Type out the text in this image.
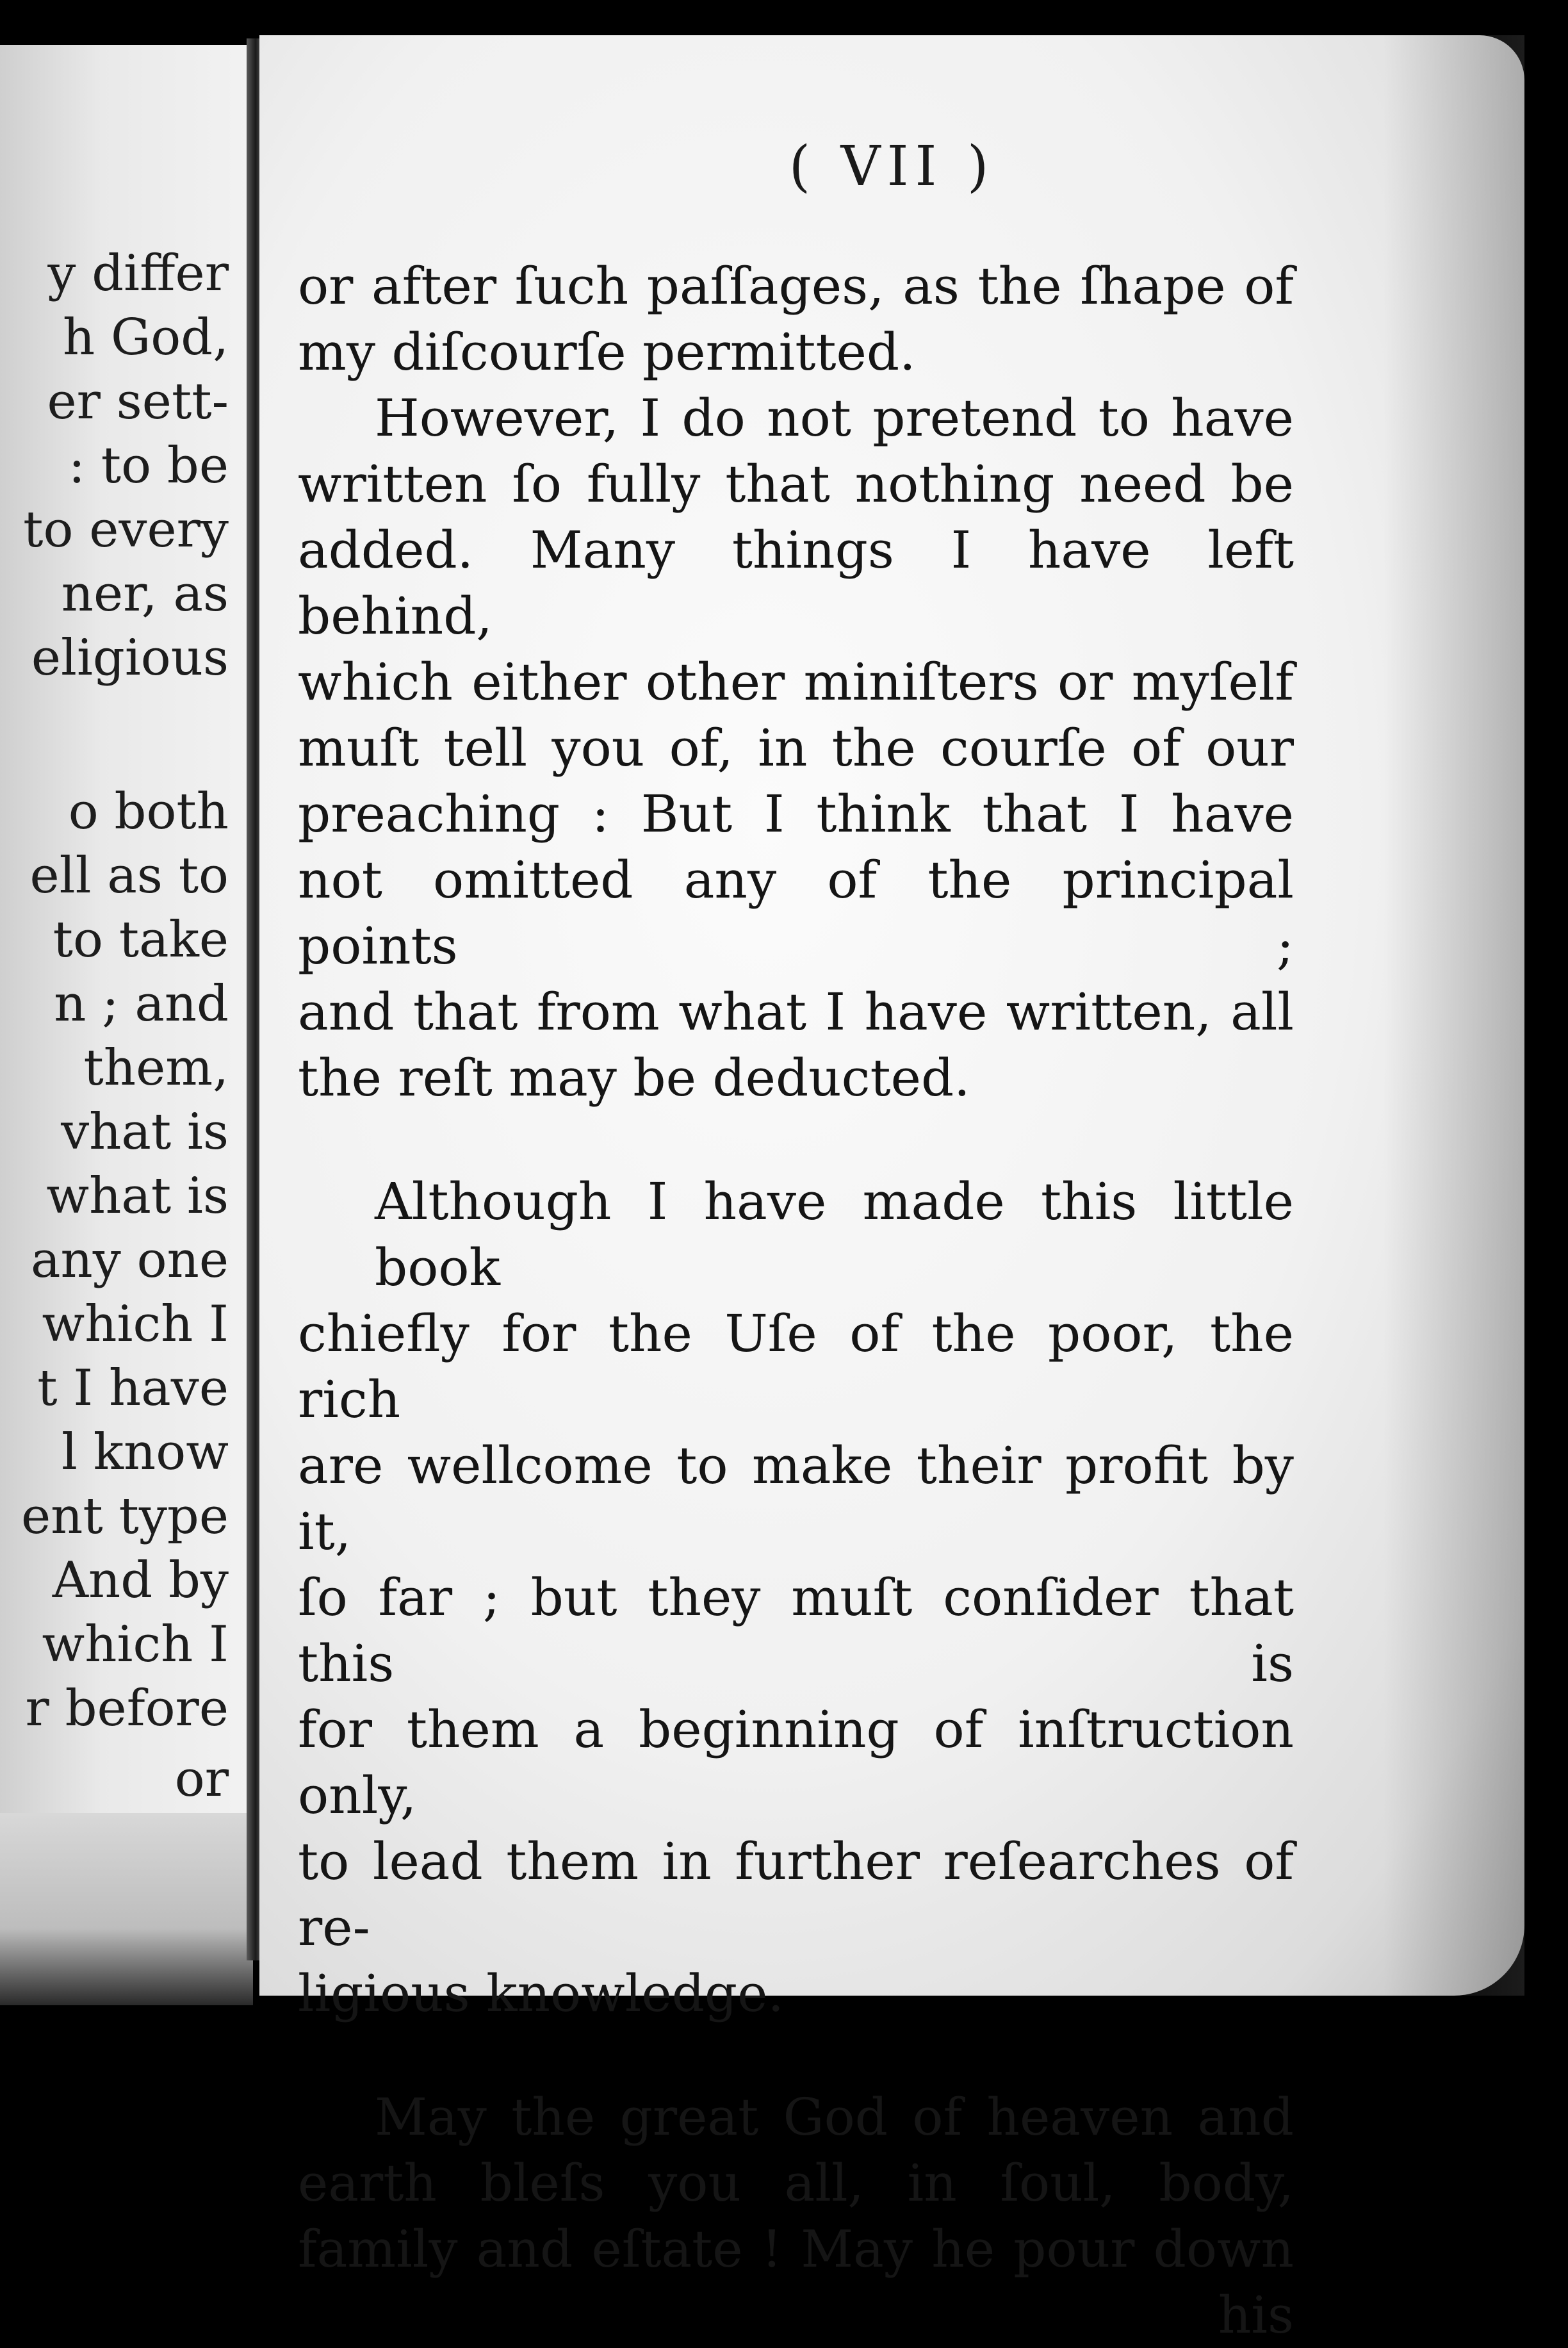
y differ
h God,
er sett-
: to be
to every
ner, as
eligious
o both
ell as to
to take
n ; and
them,
vhat is
what is
any one
which I
t I have
l know
ent type
And by
which I
r before
or
( VII )

or after ſuch paſſages, as the ſhape of
my diſcourſe permitted.

However, I do not pretend to have
written ſo fully that nothing need be
added. Many things I have left behind,
which either other miniſters or myſelf
muſt tell you of, in the courſe of our
preaching : But I think that I have
not omitted any of the principal points ;
and that from what I have written, all
the reſt may be deducted.

Although I have made this little book
chiefly for the Uſe of the poor, the rich
are wellcome to make their profit by it,
ſo far ; but they muſt conſider that this is
for them a beginning of inſtruction only,
to lead them in further reſearches of re-
ligious knowledge.

May the great God of heaven and
earth bleſs you all, in ſoul, body,
family and eſtate ! May he pour down
his
